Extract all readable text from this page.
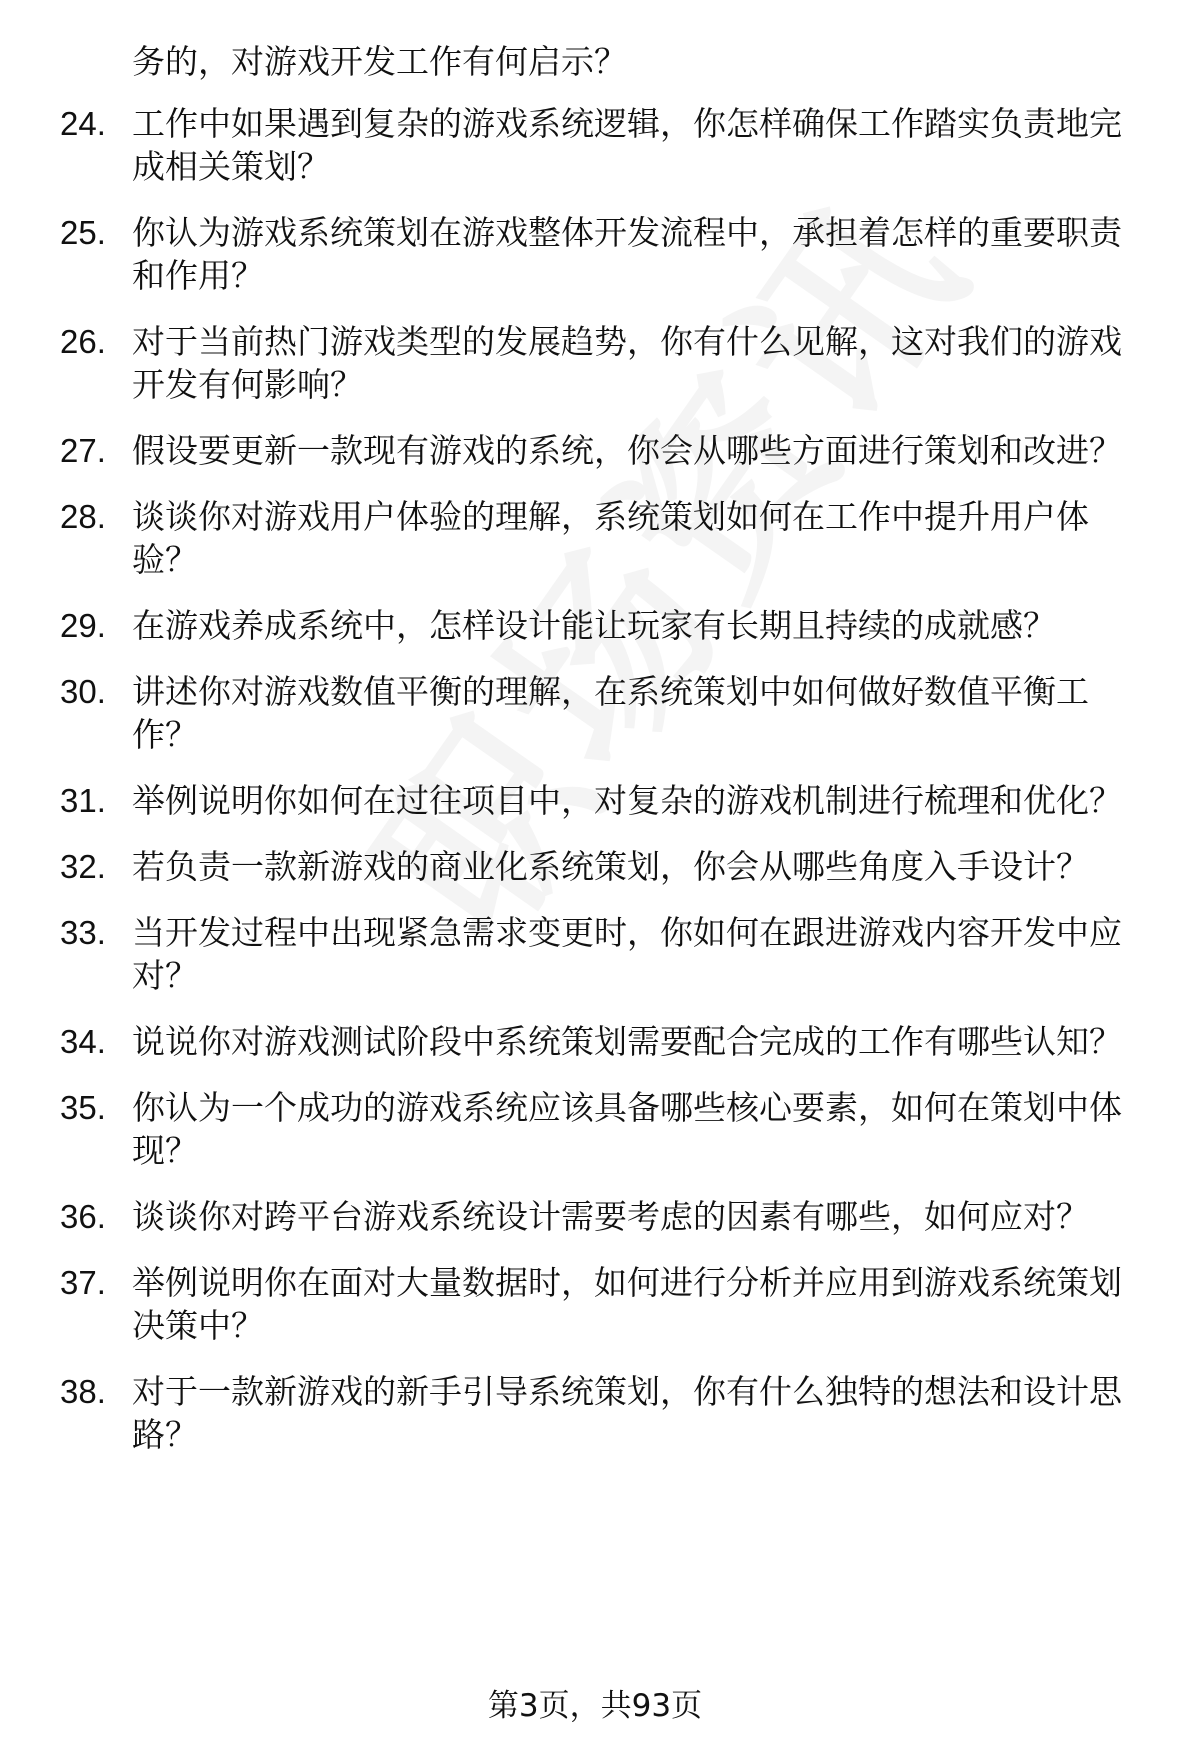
务的，对游戏开发工作有何启示？
24. 工作中如果遇到复杂的游戏系统逻辑，你怎样确保工作踏实负责地完成相关策划？
25. 你认为游戏系统策划在游戏整体开发流程中，承担着怎样的重要职责和作用？
26. 对于当前热门游戏类型的发展趋势，你有什么见解，这对我们的游戏开发有何影响？
27. 假设要更新一款现有游戏的系统，你会从哪些方面进行策划和改进？
28. 谈谈你对游戏用户体验的理解，系统策划如何在工作中提升用户体验？
29. 在游戏养成系统中，怎样设计能让玩家有长期且持续的成就感？
30. 讲述你对游戏数值平衡的理解，在系统策划中如何做好数值平衡工作？
31. 举例说明你如何在过往项目中，对复杂的游戏机制进行梳理和优化？
32. 若负责一款新游戏的商业化系统策划，你会从哪些角度入手设计？
33. 当开发过程中出现紧急需求变更时，你如何在跟进游戏内容开发中应对？
34. 说说你对游戏测试阶段中系统策划需要配合完成的工作有哪些认知？
35. 你认为一个成功的游戏系统应该具备哪些核心要素，如何在策划中体现？
36. 谈谈你对跨平台游戏系统设计需要考虑的因素有哪些，如何应对？
37. 举例说明你在面对大量数据时，如何进行分析并应用到游戏系统策划决策中？
38. 对于一款新游戏的新手引导系统策划，你有什么独特的想法和设计思路？
第3页，共93页
